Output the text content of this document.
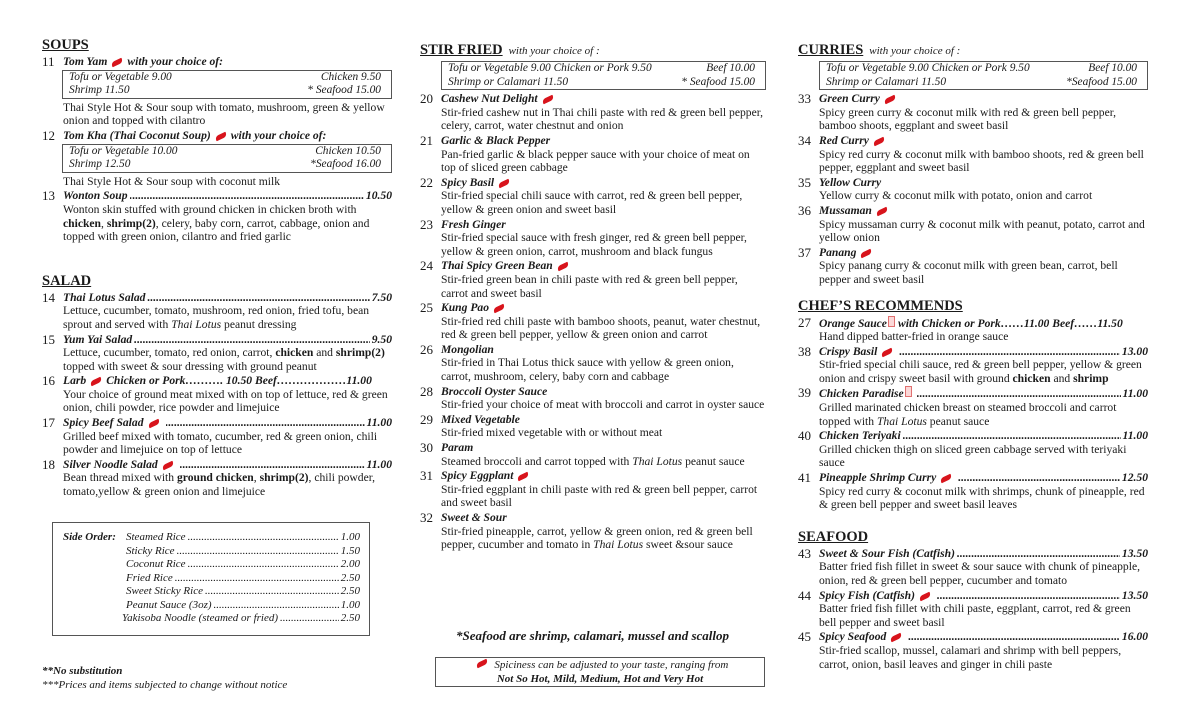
SOUPS
11 Tom Yam with your choice of:
Tofu or Vegetable 9.00	Chicken 9.50
Shrimp 11.50	* Seafood 15.00
Thai Style Hot & Sour soup with tomato, mushroom, green & yellow onion and topped with cilantro
12 Tom Kha (Thai Coconut Soup) with your choice of:
Tofu or Vegetable 10.00	Chicken 10.50
Shrimp 12.50	*Seafood 16.00
Thai Style Hot & Sour soup with coconut milk
13 Wonton Soup .....	10.50
Wonton skin stuffed with ground chicken in chicken broth with chicken, shrimp(2), celery, baby corn, carrot, cabbage, onion and topped with green onion, cilantro and fried garlic
SALAD
14 Thai Lotus Salad .....	7.50
Lettuce, cucumber, tomato, mushroom, red onion, fried tofu, bean sprout and served with Thai Lotus peanut dressing
15 Yum Yai Salad .....	9.50
Lettuce, cucumber, tomato, red onion, carrot, chicken and shrimp(2) topped with sweet & sour dressing with ground peanut
16 Larb Chicken or Pork………. 10.50 Beef………………11.00
Your choice of ground meat mixed with on top of lettuce, red & green onion, chili powder, rice powder and limejuice
17 Spicy Beef Salad .....	11.00
Grilled beef mixed with tomato, cucumber, red & green onion, chili powder and limejuice on top of lettuce
18 Silver Noodle Salad .....	11.00
Bean thread mixed with ground chicken, shrimp(2), chili powder, tomato,yellow & green onion and limejuice
Side Order: Steamed Rice .....	1.00
Sticky Rice .....	1.50
Coconut Rice .....	2.00
Fried Rice .....	2.50
Sweet Sticky Rice .....	2.50
Peanut Sauce (3oz) .....	1.00
Yakisoba Noodle (steamed or fried) .....	2.50
**No substitution
***Prices and items subjected to change without notice
STIR FRIED with your choice of :
Tofu or Vegetable 9.00 Chicken or Pork 9.50	Beef 10.00
Shrimp or Calamari 11.50	* Seafood 15.00
20 Cashew Nut Delight
Stir-fried cashew nut in Thai chili paste with red & green bell pepper, celery, carrot, water chestnut and onion
21 Garlic & Black Pepper
Pan-fried garlic & black pepper sauce with your choice of meat on top of sliced green cabbage
22 Spicy Basil
Stir-fried special chili sauce with carrot, red & green bell pepper, yellow & green onion and sweet basil
23 Fresh Ginger
Stir-fried special sauce with fresh ginger, red & green bell pepper, yellow & green onion, carrot, mushroom and black fungus
24 Thai Spicy Green Bean
Stir-fried green bean in chili paste with red & green bell pepper, carrot and sweet basil
25 Kung Pao
Stir-fried red chili paste with bamboo shoots, peanut, water chestnut, red & green bell pepper, yellow & green onion and carrot
26 Mongolian
Stir-fried in Thai Lotus thick sauce with yellow & green onion, carrot, mushroom, celery, baby corn and cabbage
28 Broccoli Oyster Sauce
Stir-fried your choice of meat with broccoli and carrot in oyster sauce
29 Mixed Vegetable
Stir-fried mixed vegetable with or without meat
30 Param
Steamed broccoli and carrot topped with Thai Lotus peanut sauce
31 Spicy Eggplant
Stir-fried eggplant in chili paste with red & green bell pepper, carrot and sweet basil
32 Sweet & Sour
Stir-fried pineapple, carrot, yellow & green onion, red & green bell pepper, cucumber and tomato in Thai Lotus sweet &sour sauce
*Seafood are shrimp, calamari, mussel and scallop
Spiciness can be adjusted to your taste, ranging from
Not So Hot, Mild, Medium, Hot and Very Hot
CURRIES with your choice of :
Tofu or Vegetable 9.00 Chicken or Pork 9.50	Beef 10.00
Shrimp or Calamari 11.50	*Seafood 15.00
33 Green Curry
Spicy green curry & coconut milk with red & green bell pepper, bamboo shoots, eggplant and sweet basil
34 Red Curry
Spicy red curry & coconut milk with bamboo shoots, red & green bell pepper, eggplant and sweet basil
35 Yellow Curry
Yellow curry & coconut milk with potato, onion and carrot
36 Mussaman
Spicy mussaman curry & coconut milk with peanut, potato, carrot and yellow onion
37 Panang
Spicy panang curry & coconut milk with green bean, carrot, bell pepper and sweet basil
CHEF’S RECOMMENDS
27 Orange Sauce with Chicken or Pork……11.00 Beef……11.50
Hand dipped batter-fried in orange sauce
38 Crispy Basil .....	13.00
Stir-fried special chili sauce, red & green bell pepper, yellow & green onion and crispy sweet basil with ground chicken and shrimp
39 Chicken Paradise .....	11.00
Grilled marinated chicken breast on steamed broccoli and carrot topped with Thai Lotus peanut sauce
40 Chicken Teriyaki .....	11.00
Grilled chicken thigh on sliced green cabbage served with teriyaki sauce
41 Pineapple Shrimp Curry .....	12.50
Spicy red curry & coconut milk with shrimps, chunk of pineapple, red & green bell pepper and sweet basil leaves
SEAFOOD
43 Sweet & Sour Fish (Catfish) .....	13.50
Batter fried fish fillet in sweet & sour sauce with chunk of pineapple, onion, red & green bell pepper, cucumber and tomato
44 Spicy Fish (Catfish) .....	13.50
Batter fried fish fillet with chili paste, eggplant, carrot, red & green bell pepper and sweet basil
45 Spicy Seafood .....	16.00
Stir-fried scallop, mussel, calamari and shrimp with bell peppers, carrot, onion, basil leaves and ginger in chili paste
